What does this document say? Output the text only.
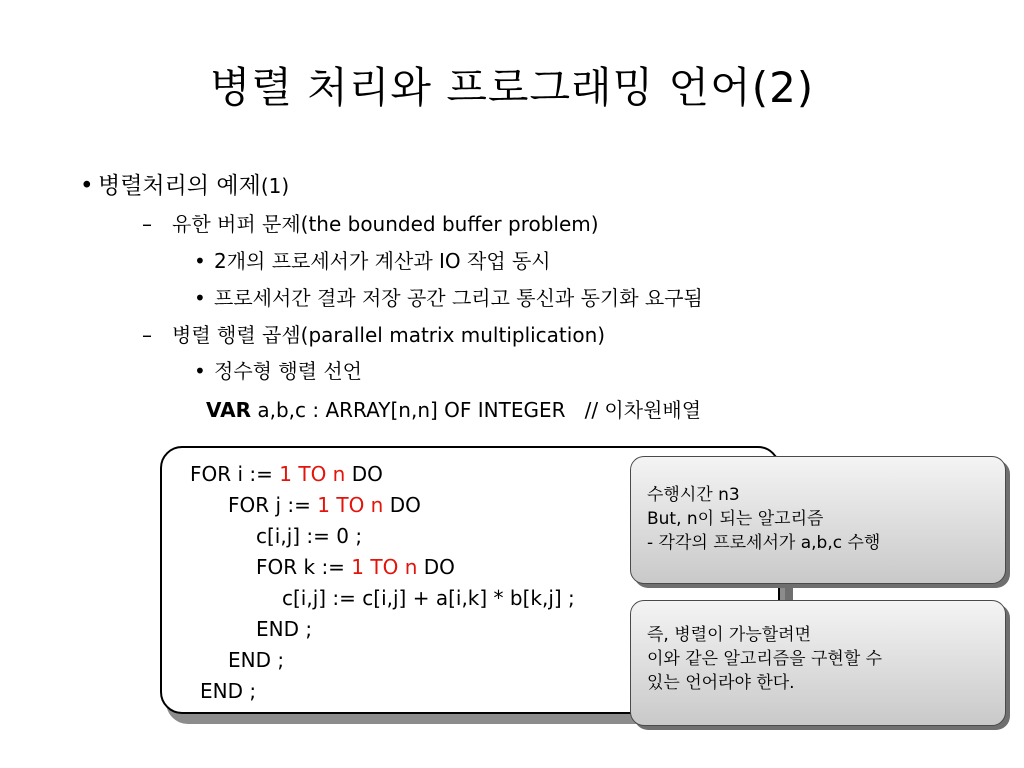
병렬 처리와 프로그래밍 언어(2)
• 병렬처리의 예제(1)
– 유한 버퍼 문제(the bounded buffer problem)
• 2개의 프로세서가 계산과 IO 작업 동시
• 프로세서간 결과 저장 공간 그리고 통신과 동기화 요구됨
– 병렬 행렬 곱셈(parallel matrix multiplication)
• 정수형 행렬 선언
VAR a,b,c : ARRAY[n,n] OF INTEGER // 이차원배열
FOR i := 1 TO n DO
FOR j := 1 TO n DO
c[i,j] := 0 ;
FOR k := 1 TO n DO
c[i,j] := c[i,j] + a[i,k] * b[k,j] ;
END ;
END ;
END ;
수행시간 n3
But, n이 되는 알고리즘
- 각각의 프로세서가 a,b,c 수행
즉, 병렬이 가능할려면
이와 같은 알고리즘을 구현할 수
있는 언어라야 한다.
